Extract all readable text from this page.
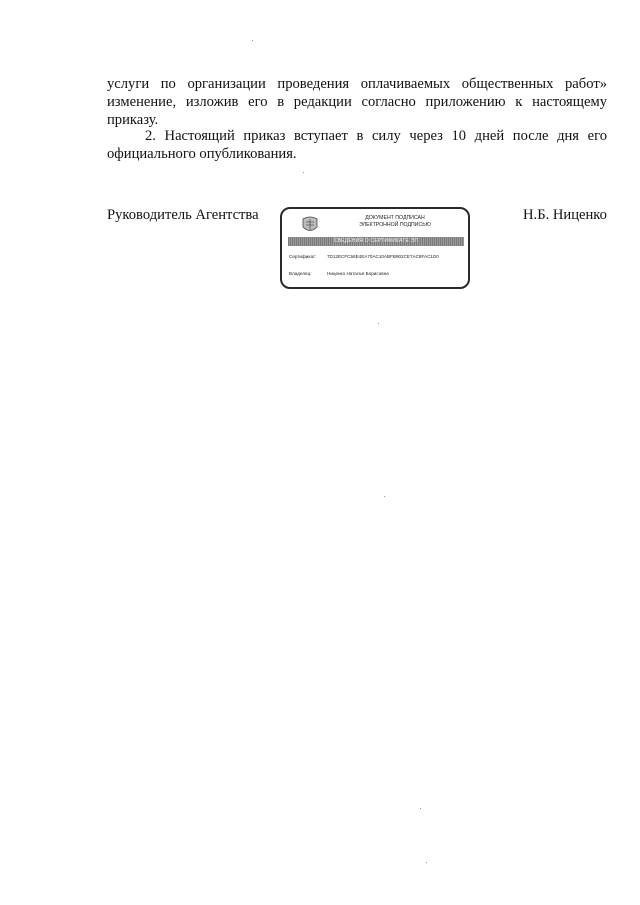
услуги по организации проведения оплачиваемых общественных работ»
изменение, изложив его в редакции согласно приложению к настоящему
приказу.
2. Настоящий приказ вступает в силу через 10 дней после дня его
официального опубликования.
Руководитель Агентства	Н.Б. Ниценко
ДОКУМЕНТ ПОДПИСАН
ЭЛЕКТРОННОЙ ПОДПИСЬЮ
СВЕДЕНИЯ О СЕРТИФИКАТЕ ЭП
Сертификат: 7D12ECFC56E4EA70AC10ABFB902CE7AC8FAC1D0
Владелец:	Ниценко Наталья Борисовна
